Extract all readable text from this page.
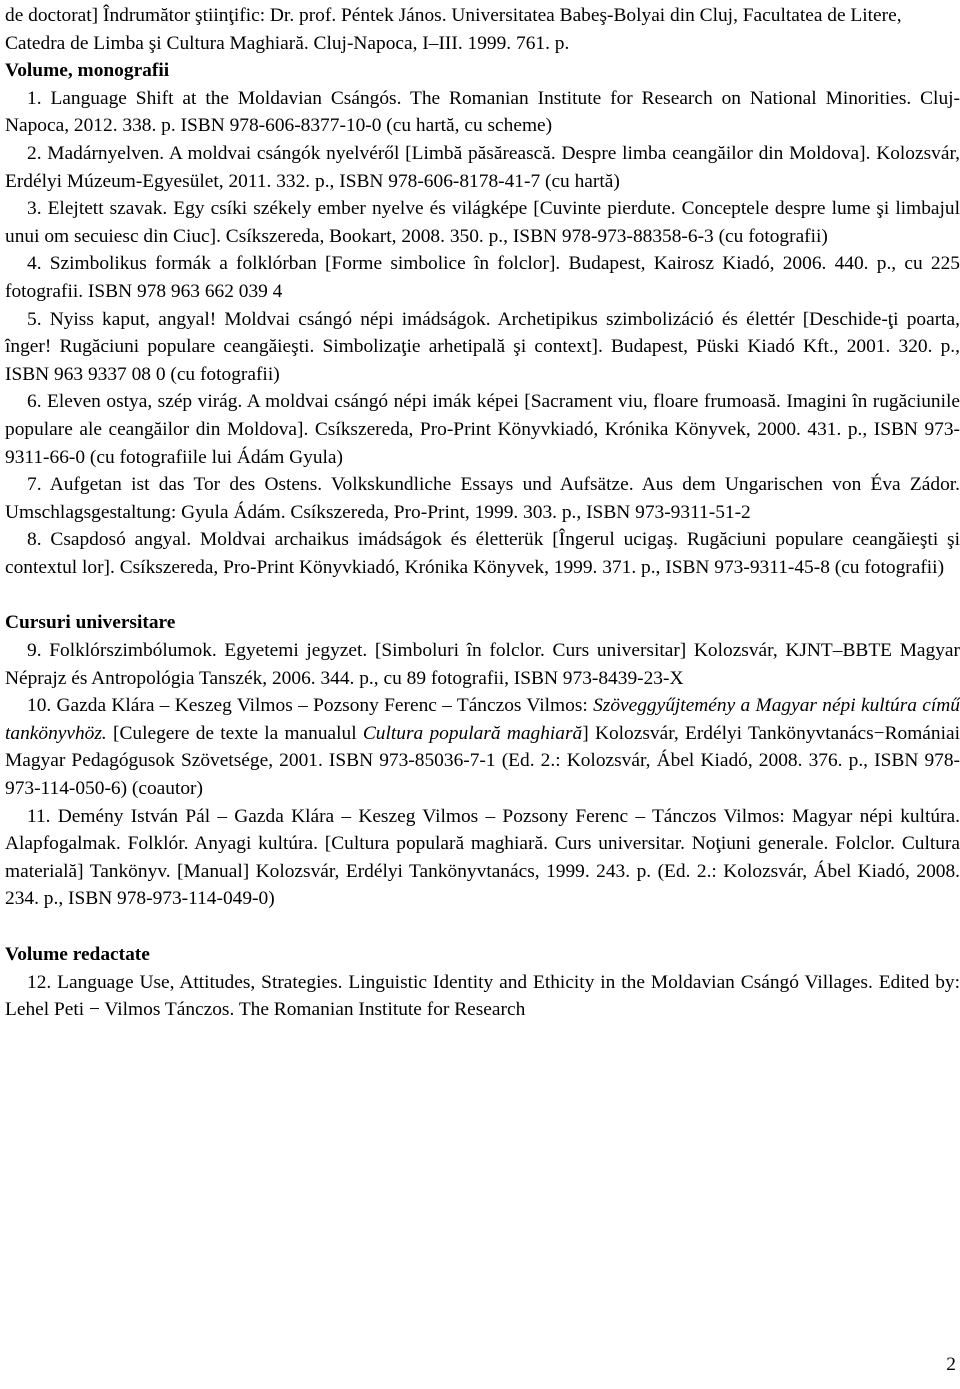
de doctorat] Îndrumător ştiinţific: Dr. prof. Péntek János. Universitatea Babeş-Bolyai din Cluj, Facultatea de Litere, Catedra de Limba şi Cultura Maghiară. Cluj-Napoca, I–III. 1999. 761. p.

Volume, monografii

1. Language Shift at the Moldavian Csángós. The Romanian Institute for Research on National Minorities. Cluj-Napoca, 2012. 338. p. ISBN 978-606-8377-10-0 (cu hartă, cu scheme)

2. Madárnyelven. A moldvai csángók nyelvéről [Limbă păsărească. Despre limba ceangăilor din Moldova]. Kolozsvár, Erdélyi Múzeum-Egyesület, 2011. 332. p., ISBN 978-606-8178-41-7 (cu hartă)

3. Elejtett szavak. Egy csíki székely ember nyelve és világképe [Cuvinte pierdute. Conceptele despre lume şi limbajul unui om secuiesc din Ciuc]. Csíkszereda, Bookart, 2008. 350. p., ISBN 978-973-88358-6-3 (cu fotografii)

4. Szimbolikus formák a folklórban [Forme simbolice în folclor]. Budapest, Kairosz Kiadó, 2006. 440. p., cu 225 fotografii. ISBN 978 963 662 039 4

5. Nyiss kaput, angyal! Moldvai csángó népi imádságok. Archetipikus szimbolizáció és élettér [Deschide-ţi poarta, înger! Rugăciuni populare ceangăieşti. Simbolizaţie arhetipală şi context]. Budapest, Püski Kiadó Kft., 2001. 320. p., ISBN 963 9337 08 0 (cu fotografii)

6. Eleven ostya, szép virág. A moldvai csángó népi imák képei [Sacrament viu, floare frumoasă. Imagini în rugăciunile populare ale ceangăilor din Moldova]. Csíkszereda, Pro-Print Könyvkiadó, Krónika Könyvek, 2000. 431. p., ISBN 973-9311-66-0 (cu fotografiile lui Ádám Gyula)

7. Aufgetan ist das Tor des Ostens. Volkskundliche Essays und Aufsätze. Aus dem Ungarischen von Éva Zádor. Umschlagsgestaltung: Gyula Ádám. Csíkszereda, Pro-Print, 1999. 303. p., ISBN 973-9311-51-2

8. Csapdosó angyal. Moldvai archaikus imádságok és életterük [Îngerul ucigaş. Rugăciuni populare ceangăieşti şi contextul lor]. Csíkszereda, Pro-Print Könyvkiadó, Krónika Könyvek, 1999. 371. p., ISBN 973-9311-45-8 (cu fotografii)

Cursuri universitare

9. Folklórszimbólumok. Egyetemi jegyzet. [Simboluri în folclor. Curs universitar] Kolozsvár, KJNT–BBTE Magyar Néprajz és Antropológia Tanszék, 2006. 344. p., cu 89 fotografii, ISBN 973-8439-23-X

10. Gazda Klára – Keszeg Vilmos – Pozsony Ferenc – Tánczos Vilmos: Szöveggyűjtemény a Magyar népi kultúra című tankönyvhöz. [Culegere de texte la manualul Cultura populară maghiară] Kolozsvár, Erdélyi Tankönyvtanács−Romániai Magyar Pedagógusok Szövetsége, 2001. ISBN 973-85036-7-1 (Ed. 2.: Kolozsvár, Ábel Kiadó, 2008. 376. p., ISBN 978-973-114-050-6) (coautor)

11. Demény István Pál – Gazda Klára – Keszeg Vilmos – Pozsony Ferenc – Tánczos Vilmos: Magyar népi kultúra. Alapfogalmak. Folklór. Anyagi kultúra. [Cultura populară maghiară. Curs universitar. Noţiuni generale. Folclor. Cultura materială] Tankönyv. [Manual] Kolozsvár, Erdélyi Tankönyvtanács, 1999. 243. p. (Ed. 2.: Kolozsvár, Ábel Kiadó, 2008. 234. p., ISBN 978-973-114-049-0)

Volume redactate

12. Language Use, Attitudes, Strategies. Linguistic Identity and Ethicity in the Moldavian Csángó Villages. Edited by: Lehel Peti − Vilmos Tánczos. The Romanian Institute for Research

2
